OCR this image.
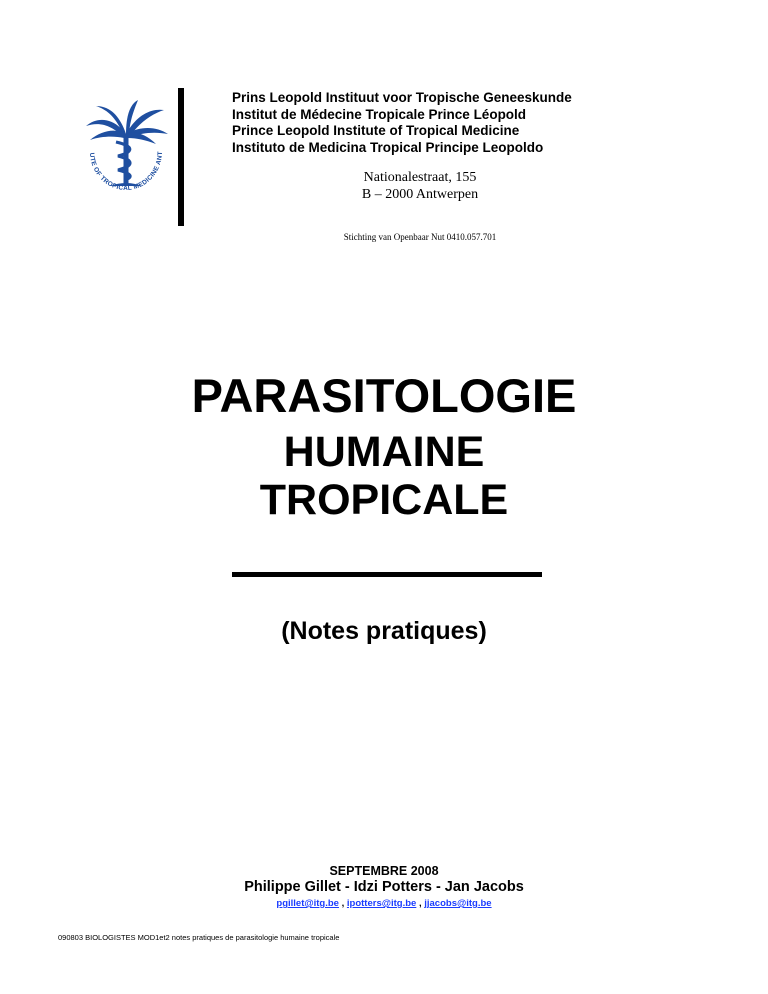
UTE OF TROPICAL MEDICINE ANT
Prins Leopold Instituut voor Tropische Geneeskunde
Institut de Médecine Tropicale Prince Léopold
Prince Leopold Institute of Tropical Medicine
Instituto de Medicina Tropical Principe Leopoldo
Nationalestraat, 155
B – 2000 Antwerpen
Stichting van Openbaar Nut 0410.057.701
PARASITOLOGIE
HUMAINE
TROPICALE
(Notes pratiques)
SEPTEMBRE 2008
Philippe Gillet - Idzi Potters - Jan Jacobs
pgillet@itg.be , ipotters@itg.be , jjacobs@itg.be
090803 BIOLOGISTES MOD1et2 notes pratiques de parasitologie humaine tropicale
